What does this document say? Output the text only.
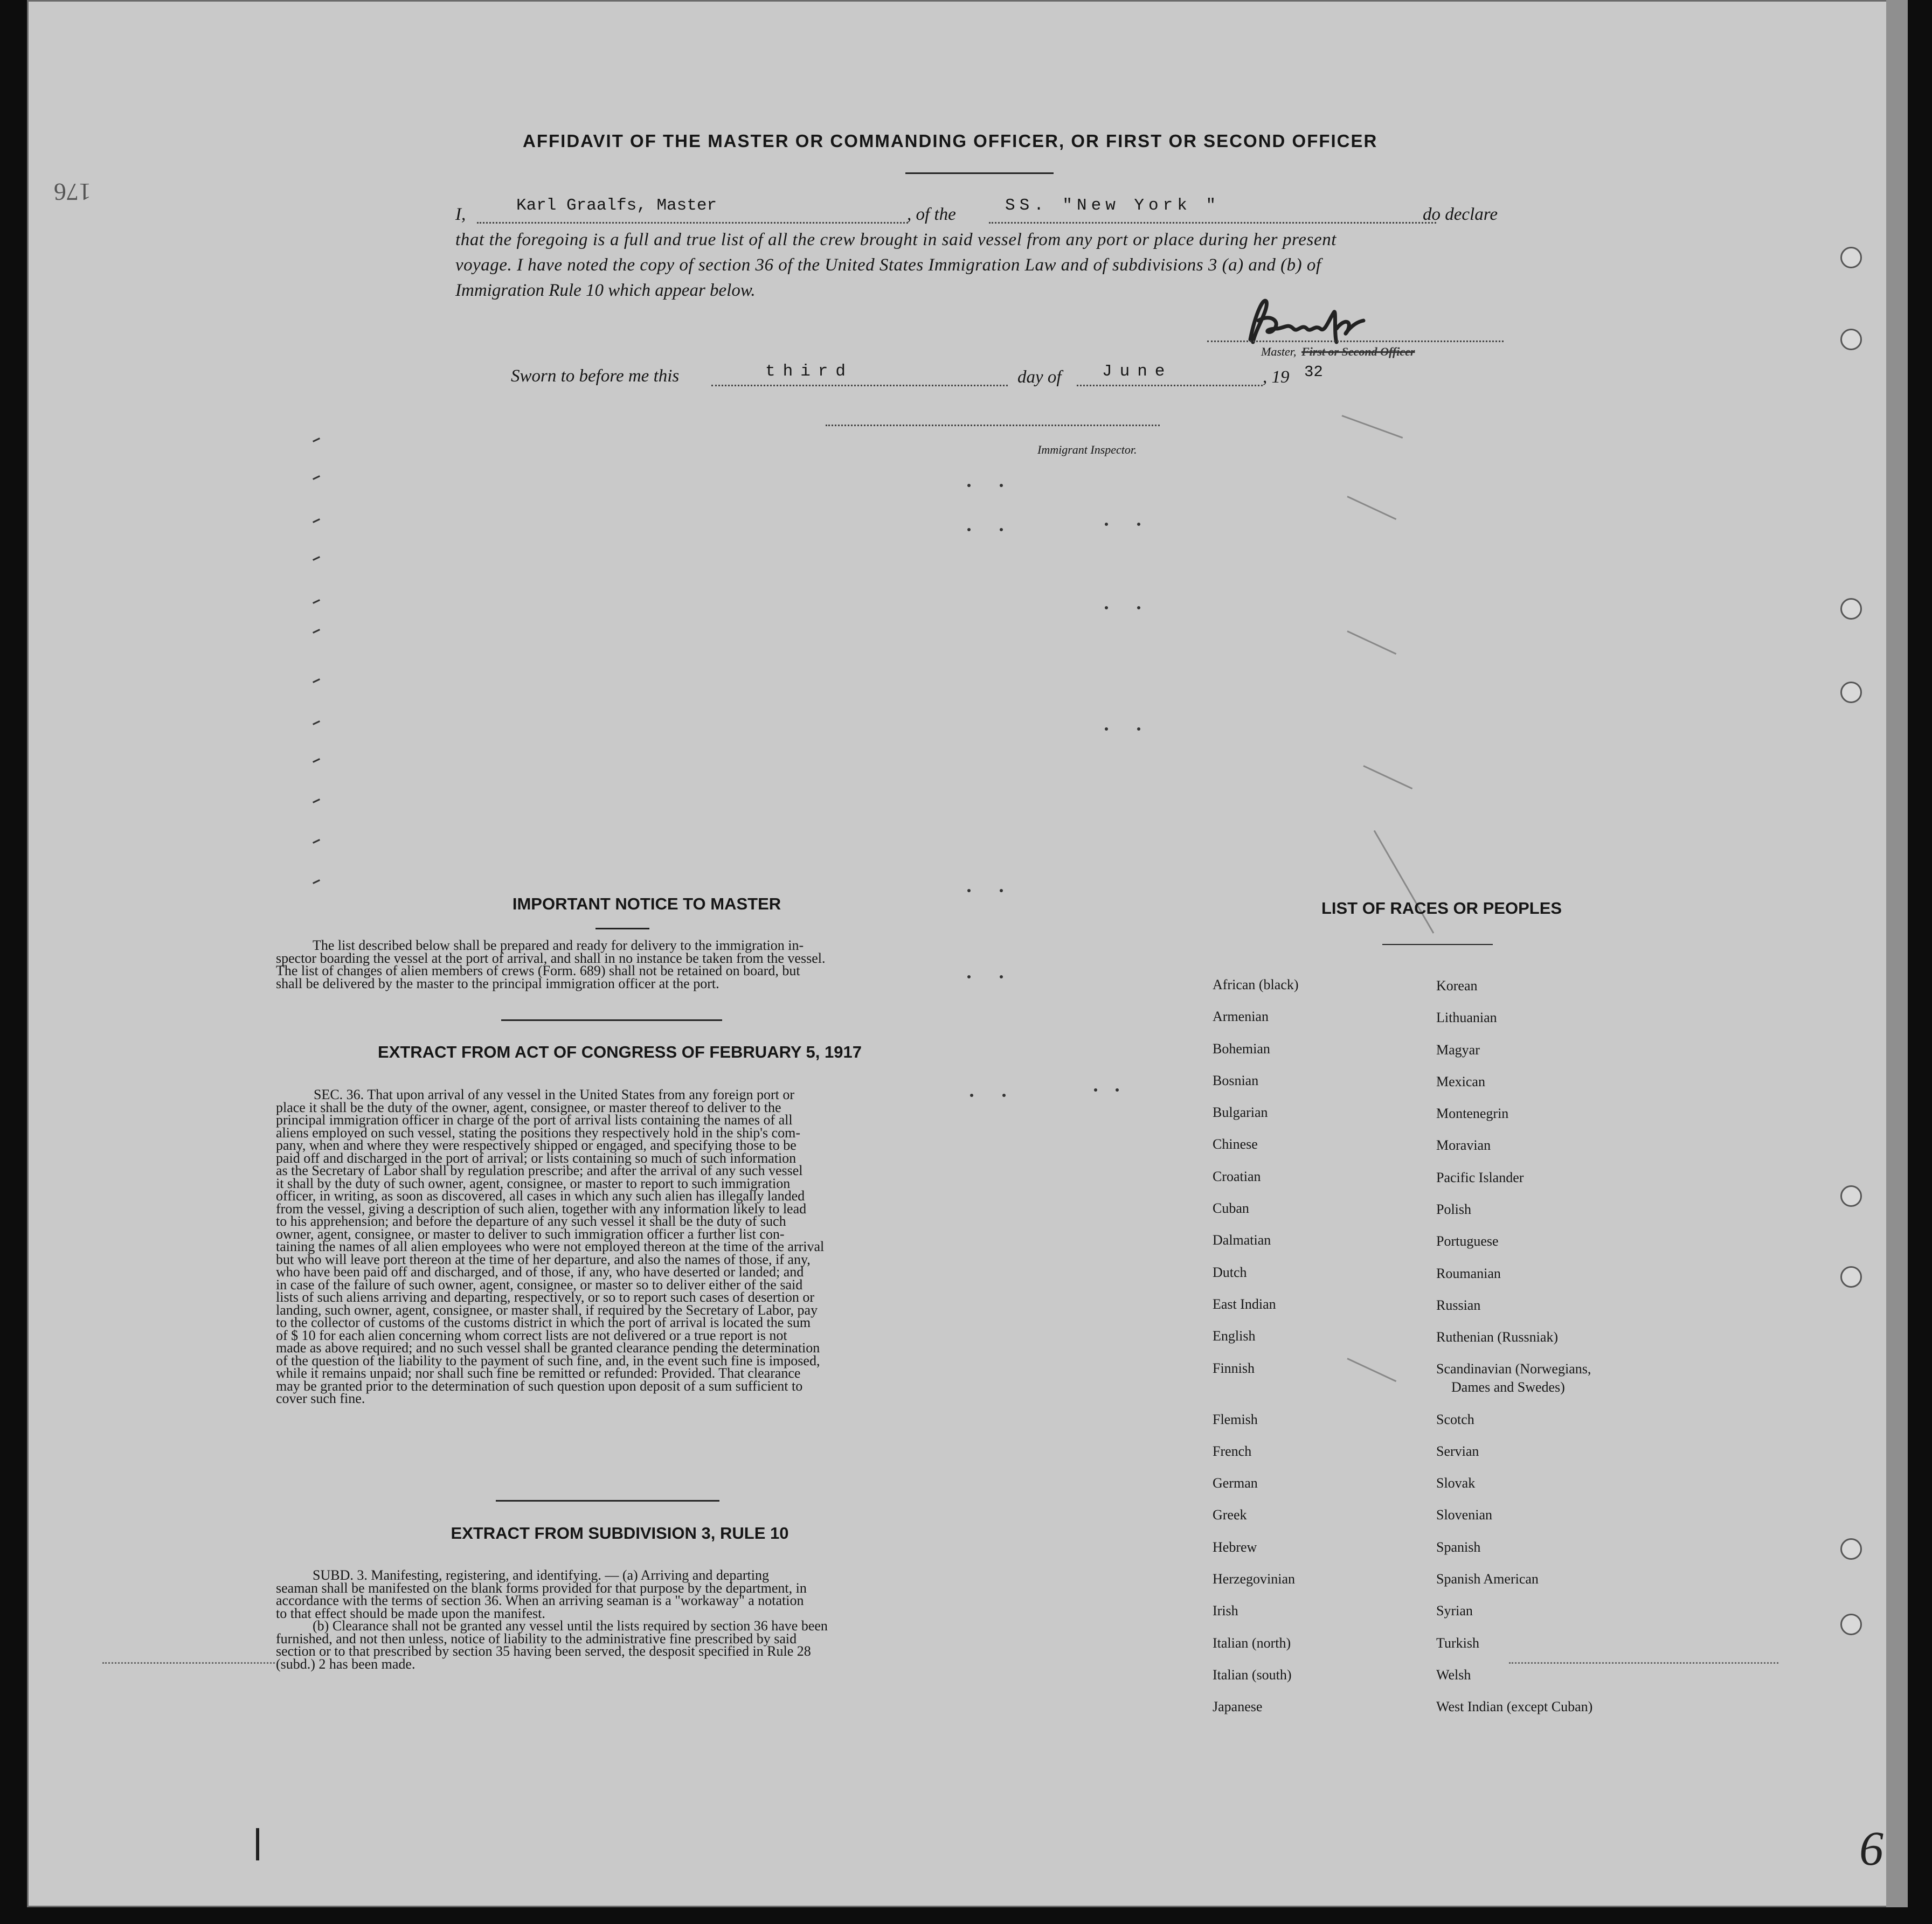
176
6
AFFIDAVIT OF THE MASTER OR COMMANDING OFFICER, OR FIRST OR SECOND OFFICER
I,	Karl Graalfs, Master	, of the	SS. "New York "	do declare
that the foregoing is a full and true list of all the crew brought in said vessel from any port or place during her present
voyage. I have noted the copy of section 36 of the United States Immigration Law and of subdivisions 3 (a) and (b) of
Immigration Rule 10 which appear below.
Master, First or Second Officer
Sworn to before me this	third	day of June	, 19 32
Immigrant Inspector.
IMPORTANT NOTICE TO MASTER
The list described below shall be prepared and ready for delivery to the immigration in-
spector boarding the vessel at the port of arrival, and shall in no instance be taken from the vessel.
The list of changes of alien members of crews (Form. 689) shall not be retained on board, but
shall be delivered by the master to the principal immigration officer at the port.
EXTRACT FROM ACT OF CONGRESS OF FEBRUARY 5, 1917
SEC. 36. That upon arrival of any vessel in the United States from any foreign port or
place it shall be the duty of the owner, agent, consignee, or master thereof to deliver to the
principal immigration officer in charge of the port of arrival lists containing the names of all
aliens employed on such vessel, stating the positions they respectively hold in the ship's com-
pany, when and where they were respectively shipped or engaged, and specifying those to be
paid off and discharged in the port of arrival; or lists containing so much of such information
as the Secretary of Labor shall by regulation prescribe; and after the arrival of any such vessel
it shall by the duty of such owner, agent, consignee, or master to report to such immigration
officer, in writing, as soon as discovered, all cases in which any such alien has illegally landed
from the vessel, giving a description of such alien, together with any information likely to lead
to his apprehension; and before the departure of any such vessel it shall be the duty of such
owner, agent, consignee, or master to deliver to such immigration officer a further list con-
taining the names of all alien employees who were not employed thereon at the time of the arrival
but who will leave port thereon at the time of her departure, and also the names of those, if any,
who have been paid off and discharged, and of those, if any, who have deserted or landed; and
in case of the failure of such owner, agent, consignee, or master so to deliver either of the said
lists of such aliens arriving and departing, respectively, or so to report such cases of desertion or
landing, such owner, agent, consignee, or master shall, if required by the Secretary of Labor, pay
to the collector of customs of the customs district in which the port of arrival is located the sum
of $ 10 for each alien concerning whom correct lists are not delivered or a true report is not
made as above required; and no such vessel shall be granted clearance pending the determination
of the question of the liability to the payment of such fine, and, in the event such fine is imposed,
while it remains unpaid; nor shall such fine be remitted or refunded: Provided. That clearance
may be granted prior to the determination of such question upon deposit of a sum sufficient to
cover such fine.
EXTRACT FROM SUBDIVISION 3, RULE 10
SUBD. 3. Manifesting, registering, and identifying. — (a) Arriving and departing
seaman shall be manifested on the blank forms provided for that purpose by the department, in
accordance with the terms of section 36. When an arriving seaman is a "workaway" a notation
to that effect should be made upon the manifest.
(b) Clearance shall not be granted any vessel until the lists required by section 36 have been
furnished, and not then unless, notice of liability to the administrative fine prescribed by said
section or to that prescribed by section 35 having been served, the desposit specified in Rule 28
(subd.) 2 has been made.
LIST OF RACES OR PEOPLES
African (black)
Armenian
Bohemian
Bosnian
Bulgarian
Chinese
Croatian
Cuban
Dalmatian
Dutch
East Indian
English
Finnish
Flemish
French
German
Greek
Hebrew
Herzegovinian
Irish
Italian (north)
Italian (south)
Japanese
Korean
Lithuanian
Magyar
Mexican
Montenegrin
Moravian
Pacific Islander
Polish
Portuguese
Roumanian
Russian
Ruthenian (Russniak)
Scandinavian (Norwegians,
Dames and Swedes)
Scotch
Servian
Slovak
Slovenian
Spanish
Spanish American
Syrian
Turkish
Welsh
West Indian (except Cuban)
